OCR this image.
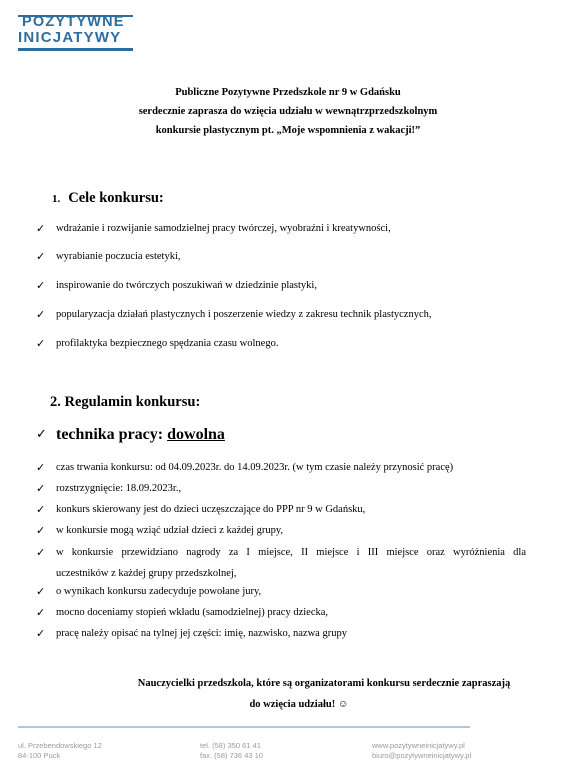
POZYTYWNE
INICJATYWY
Publiczne Pozytywne Przedszkole nr 9 w Gdańsku
serdecznie zaprasza do wzięcia udziału w wewnątrzprzedszkolnym
konkursie plastycznym pt. „Moje wspomnienia z wakacji!”
1. Cele konkursu:
✓	wdrażanie i rozwijanie samodzielnej pracy twórczej, wyobraźni i kreatywności,
✓	wyrabianie poczucia estetyki,
✓	inspirowanie do twórczych poszukiwań w dziedzinie plastyki,
✓	popularyzacja działań plastycznych i poszerzenie wiedzy z zakresu technik plastycznych,
✓	profilaktyka bezpiecznego spędzania czasu wolnego.
2. Regulamin konkursu:
✓ technika pracy: dowolna
✓	czas trwania konkursu: od 04.09.2023r. do 14.09.2023r. (w tym czasie należy przynosić pracę)
✓	rozstrzygnięcie: 18.09.2023r.,
✓	konkurs skierowany jest do dzieci uczęszczające do PPP nr 9 w Gdańsku,
✓	w konkursie mogą wziąć udział dzieci z każdej grupy,
✓	w konkursie przewidziano nagrody za I miejsce, II miejsce i III miejsce oraz wyróżnienia dla
uczestników z każdej grupy przedszkolnej,
✓	o wynikach konkursu zadecyduje powołane jury,
✓	mocno doceniamy stopień wkładu (samodzielnej) pracy dziecka,
✓	pracę należy opisać na tylnej jej części: imię, nazwisko, nazwa grupy
Nauczycielki przedszkola, które są organizatorami konkursu serdecznie zapraszają
do wzięcia udziału! ☺
ul. Przebendowskiego 12
84-100 Puck
tel. (58) 350 61 41
fax. (58) 736 43 10
www.pozytywneinicjatywy.pl
biuro@pozytywneinicjatywy.pl
